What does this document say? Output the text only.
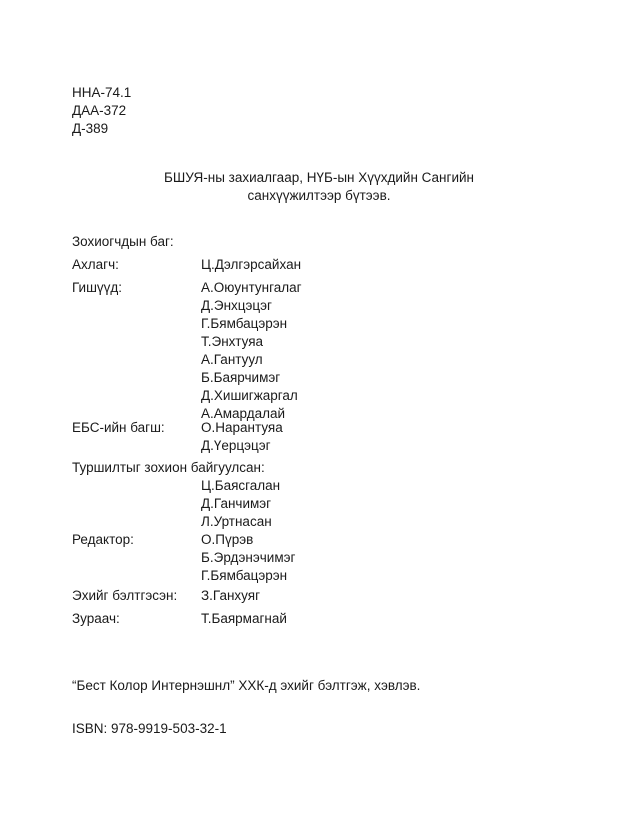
ННА-74.1
ДАА-372
Д-389
БШУЯ-ны захиалгаар, НҮБ-ын Хүүхдийн Сангийн
санхүүжилтээр бүтээв.
Зохиогчдын баг:
Ахлагч:	Ц.Дэлгэрсайхан
Гишүүд:	А.Оюунтунгалаг
Д.Энхцэцэг
Г.Бямбацэрэн
Т.Энхтуяа
А.Гантуул
Б.Баярчимэг
Д.Хишигжаргал
А.Амардалай
ЕБС-ийн багш:	О.Нарантуяа
Д.Үерцэцэг
Туршилтыг зохион байгуулсан:
Ц.Баясгалан
Д.Ганчимэг
Л.Уртнасан
Редактор:	О.Пүрэв
Б.Эрдэнэчимэг
Г.Бямбацэрэн
Эхийг бэлтгэсэн: З.Ганхуяг
Зураач:	Т.Баярмагнай
“Бест Колор Интернэшнл” ХХК-д эхийг бэлтгэж, хэвлэв.
ISBN: 978-9919-503-32-1
